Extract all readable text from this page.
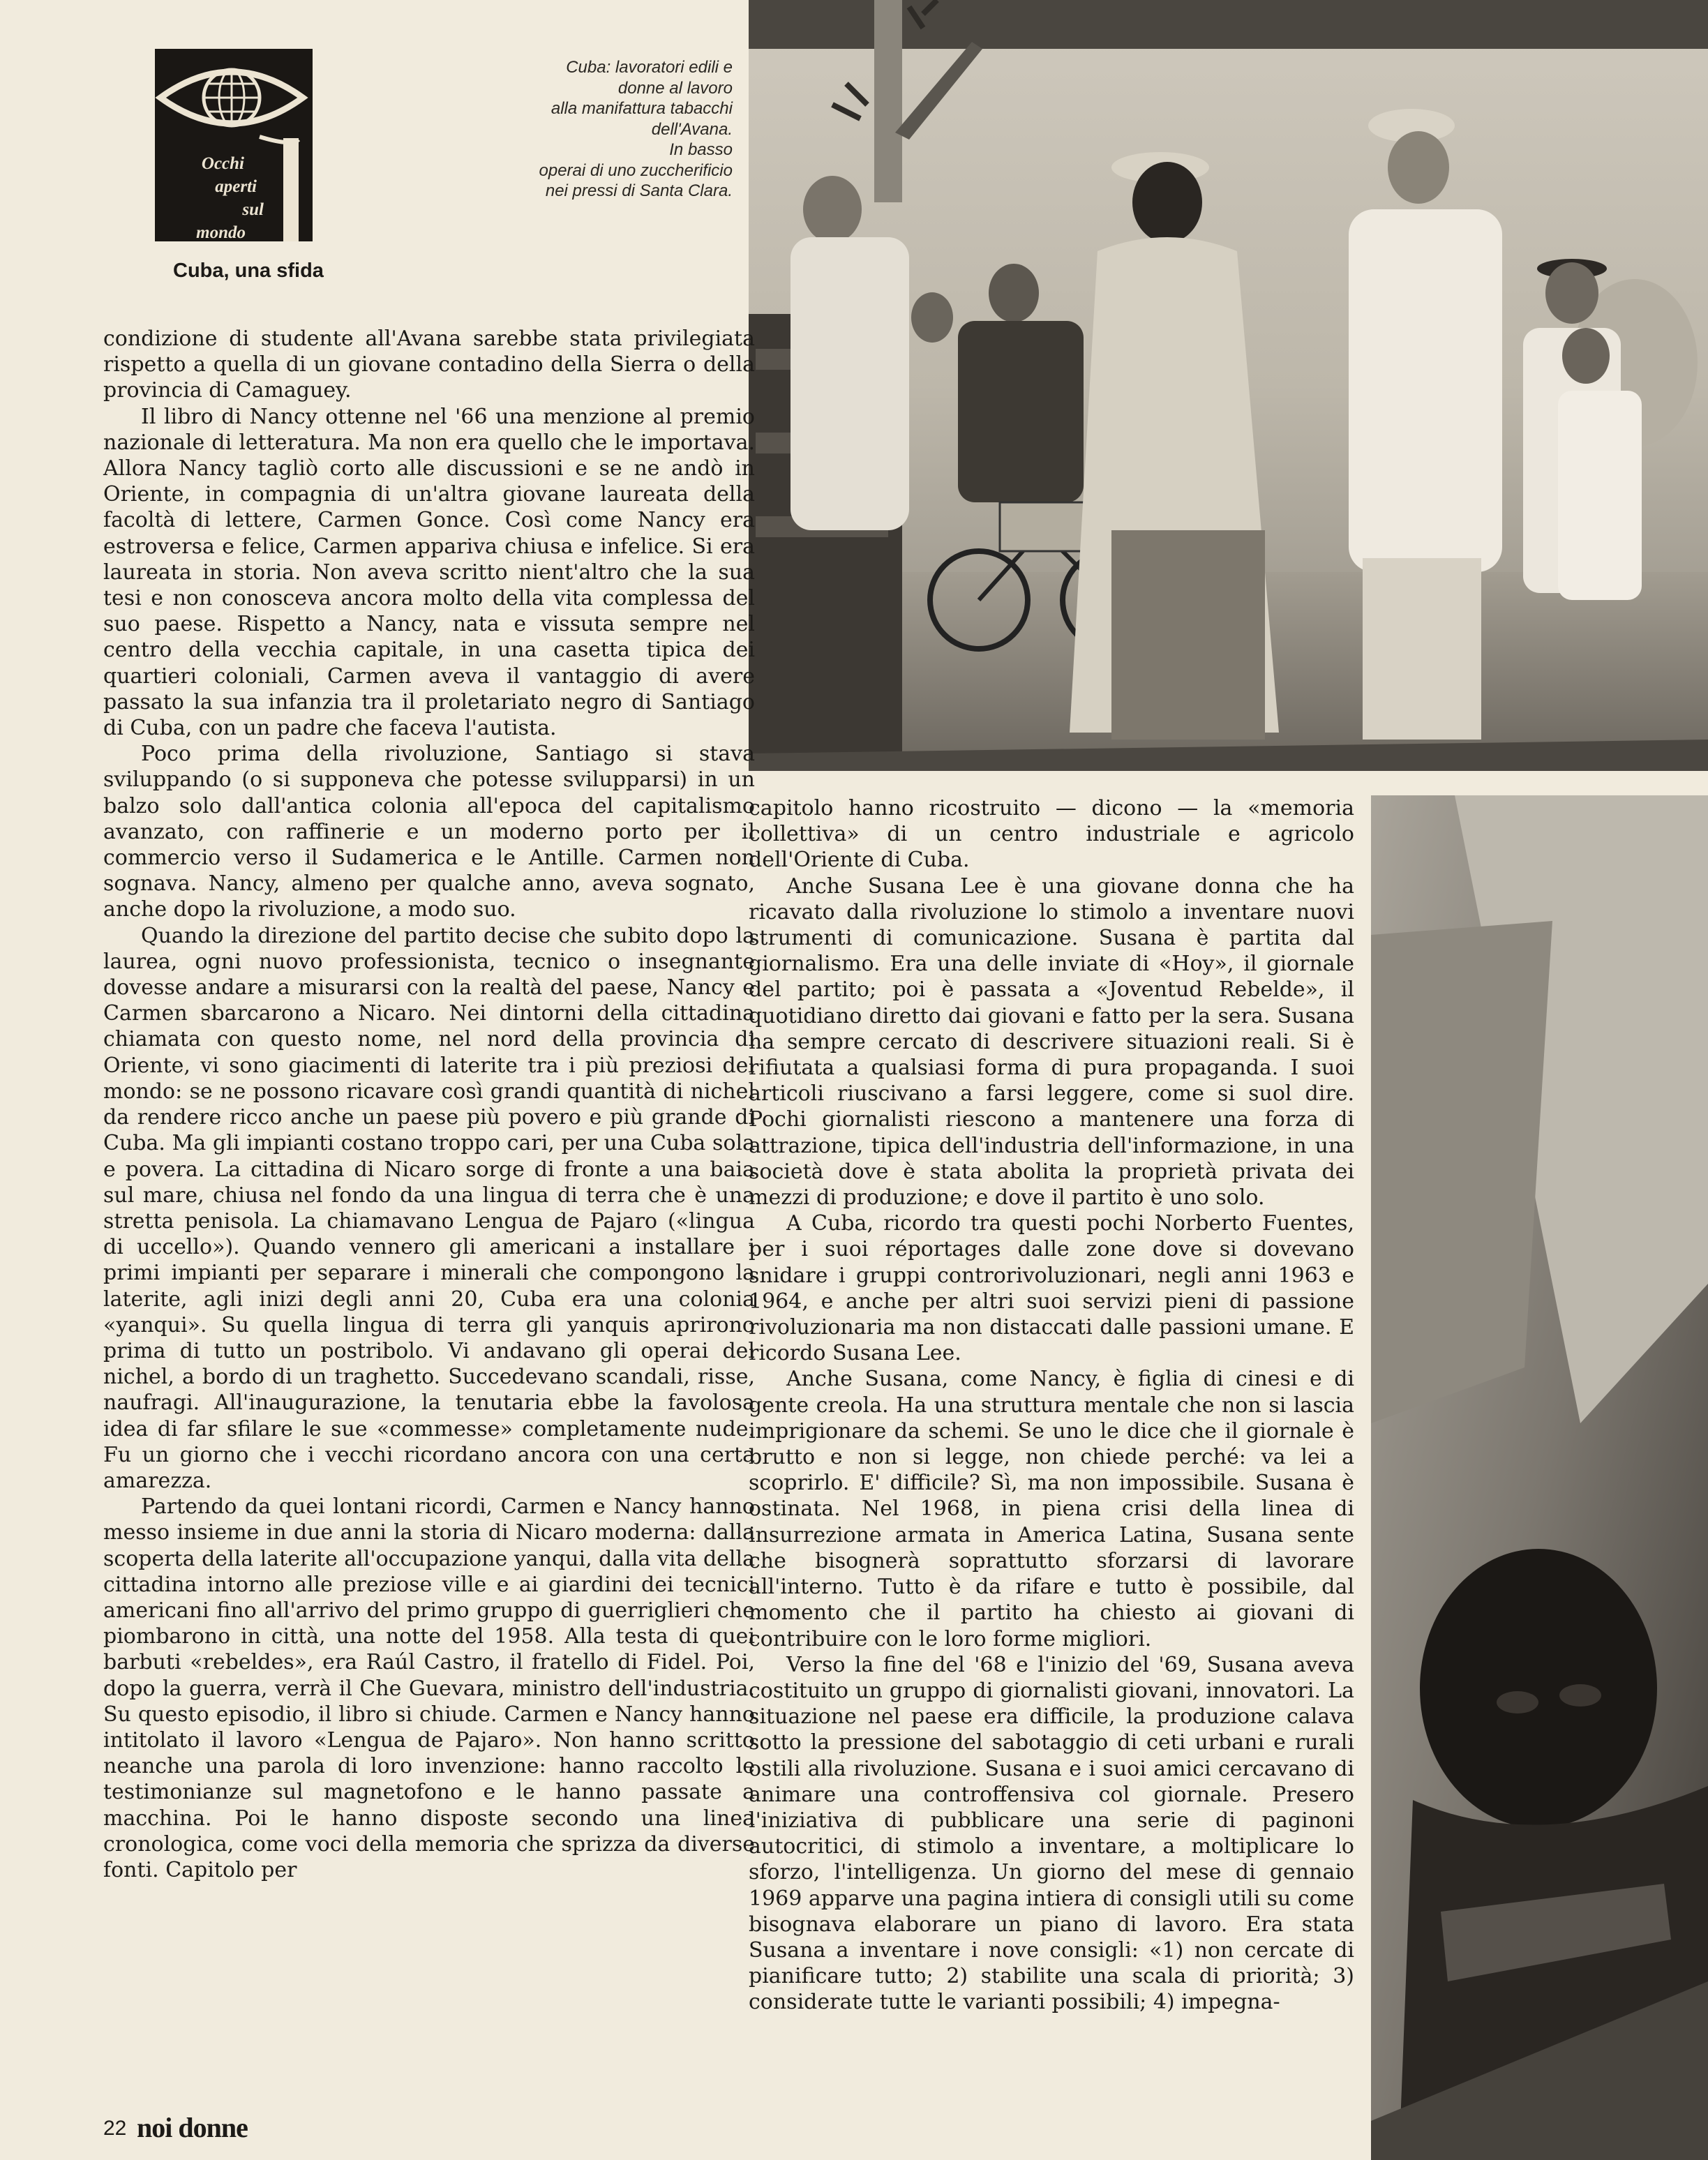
Occhi
aperti
sul
mondo
Cuba, una sfida
Cuba: lavoratori edili e
donne al lavoro
alla manifattura tabacchi
dell'Avana.
In basso
operai di uno zuccherificio
nei pressi di Santa Clara.

condizione di studente all'Avana sarebbe stata privilegiata rispetto a quella di un giovane contadino della Sierra o della provincia di Camaguey.

Il libro di Nancy ottenne nel '66 una menzione al premio nazionale di letteratura. Ma non era quello che le importava. Allora Nancy tagliò corto alle discussioni e se ne andò in Oriente, in compagnia di un'altra giovane laureata della facoltà di lettere, Carmen Gonce. Così come Nancy era estroversa e felice, Carmen appariva chiusa e infelice. Si era laureata in storia. Non aveva scritto nient'altro che la sua tesi e non conosceva ancora molto della vita complessa del suo paese. Rispetto a Nancy, nata e vissuta sempre nel centro della vecchia capitale, in una casetta tipica dei quartieri coloniali, Carmen aveva il vantaggio di avere passato la sua infanzia tra il proletariato negro di Santiago di Cuba, con un padre che faceva l'autista.

Poco prima della rivoluzione, Santiago si stava sviluppando (o si supponeva che potesse svilupparsi) in un balzo solo dall'antica colonia all'epoca del capitalismo avanzato, con raffinerie e un moderno porto per il commercio verso il Sudamerica e le Antille. Carmen non sognava. Nancy, almeno per qualche anno, aveva sognato, anche dopo la rivoluzione, a modo suo.

Quando la direzione del partito decise che subito dopo la laurea, ogni nuovo professionista, tecnico o insegnante dovesse andare a misurarsi con la realtà del paese, Nancy e Carmen sbarcarono a Nicaro. Nei dintorni della cittadina chiamata con questo nome, nel nord della provincia di Oriente, vi sono giacimenti di laterite tra i più preziosi del mondo: se ne possono ricavare così grandi quantità di nichel da rendere ricco anche un paese più povero e più grande di Cuba. Ma gli impianti costano troppo cari, per una Cuba sola e povera. La cittadina di Nicaro sorge di fronte a una baia sul mare, chiusa nel fondo da una lingua di terra che è una stretta penisola. La chiamavano Lengua de Pajaro («lingua di uccello»). Quando vennero gli americani a installare i primi impianti per separare i minerali che compongono la laterite, agli inizi degli anni 20, Cuba era una colonia «yanqui». Su quella lingua di terra gli yanquis aprirono prima di tutto un postribolo. Vi andavano gli operai del nichel, a bordo di un traghetto. Succedevano scandali, risse, naufragi. All'inaugurazione, la tenutaria ebbe la favolosa idea di far sfilare le sue «commesse» completamente nude. Fu un giorno che i vecchi ricordano ancora con una certa amarezza.

Partendo da quei lontani ricordi, Carmen e Nancy hanno messo insieme in due anni la storia di Nicaro moderna: dalla scoperta della laterite all'occupazione yanqui, dalla vita della cittadina intorno alle preziose ville e ai giardini dei tecnici americani fino all'arrivo del primo gruppo di guerriglieri che piombarono in città, una notte del 1958. Alla testa di quei barbuti «rebeldes», era Raúl Castro, il fratello di Fidel. Poi, dopo la guerra, verrà il Che Guevara, ministro dell'industria. Su questo episodio, il libro si chiude. Carmen e Nancy hanno intitolato il lavoro «Lengua de Pajaro». Non hanno scritto neanche una parola di loro invenzione: hanno raccolto le testimonianze sul magnetofono e le hanno passate a macchina. Poi le hanno disposte secondo una linea cronologica, come voci della memoria che sprizza da diverse fonti. Capitolo per

capitolo hanno ricostruito — dicono — la «memoria collettiva» di un centro industriale e agricolo dell'Oriente di Cuba.

Anche Susana Lee è una giovane donna che ha ricavato dalla rivoluzione lo stimolo a inventare nuovi strumenti di comunicazione. Susana è partita dal giornalismo. Era una delle inviate di «Hoy», il giornale del partito; poi è passata a «Joventud Rebelde», il quotidiano diretto dai giovani e fatto per la sera. Susana ha sempre cercato di descrivere situazioni reali. Si è rifiutata a qualsiasi forma di pura propaganda. I suoi articoli riuscivano a farsi leggere, come si suol dire. Pochi giornalisti riescono a mantenere una forza di attrazione, tipica dell'industria dell'informazione, in una società dove è stata abolita la proprietà privata dei mezzi di produzione; e dove il partito è uno solo.

A Cuba, ricordo tra questi pochi Norberto Fuentes, per i suoi réportages dalle zone dove si dovevano snidare i gruppi controrivoluzionari, negli anni 1963 e 1964, e anche per altri suoi servizi pieni di passione rivoluzionaria ma non distaccati dalle passioni umane. E ricordo Susana Lee.

Anche Susana, come Nancy, è figlia di cinesi e di gente creola. Ha una struttura mentale che non si lascia imprigionare da schemi. Se uno le dice che il giornale è brutto e non si legge, non chiede perché: va lei a scoprirlo. E' difficile? Sì, ma non impossibile. Susana è ostinata. Nel 1968, in piena crisi della linea di insurrezione armata in America Latina, Susana sente che bisognerà soprattutto sforzarsi di lavorare all'interno. Tutto è da rifare e tutto è possibile, dal momento che il partito ha chiesto ai giovani di contribuire con le loro forme migliori.

Verso la fine del '68 e l'inizio del '69, Susana aveva costituito un gruppo di giornalisti giovani, innovatori. La situazione nel paese era difficile, la produzione calava sotto la pressione del sabotaggio di ceti urbani e rurali ostili alla rivoluzione. Susana e i suoi amici cercavano di animare una controffensiva col giornale. Presero l'iniziativa di pubblicare una serie di paginoni autocritici, di stimolo a inventare, a moltiplicare lo sforzo, l'intelligenza. Un giorno del mese di gennaio 1969 apparve una pagina intiera di consigli utili su come bisognava elaborare un piano di lavoro. Era stata Susana a inventare i nove consigli: «1) non cercate di pianificare tutto; 2) stabilite una scala di priorità; 3) considerate tutte le varianti possibili; 4) impegna-

22 noi donne
